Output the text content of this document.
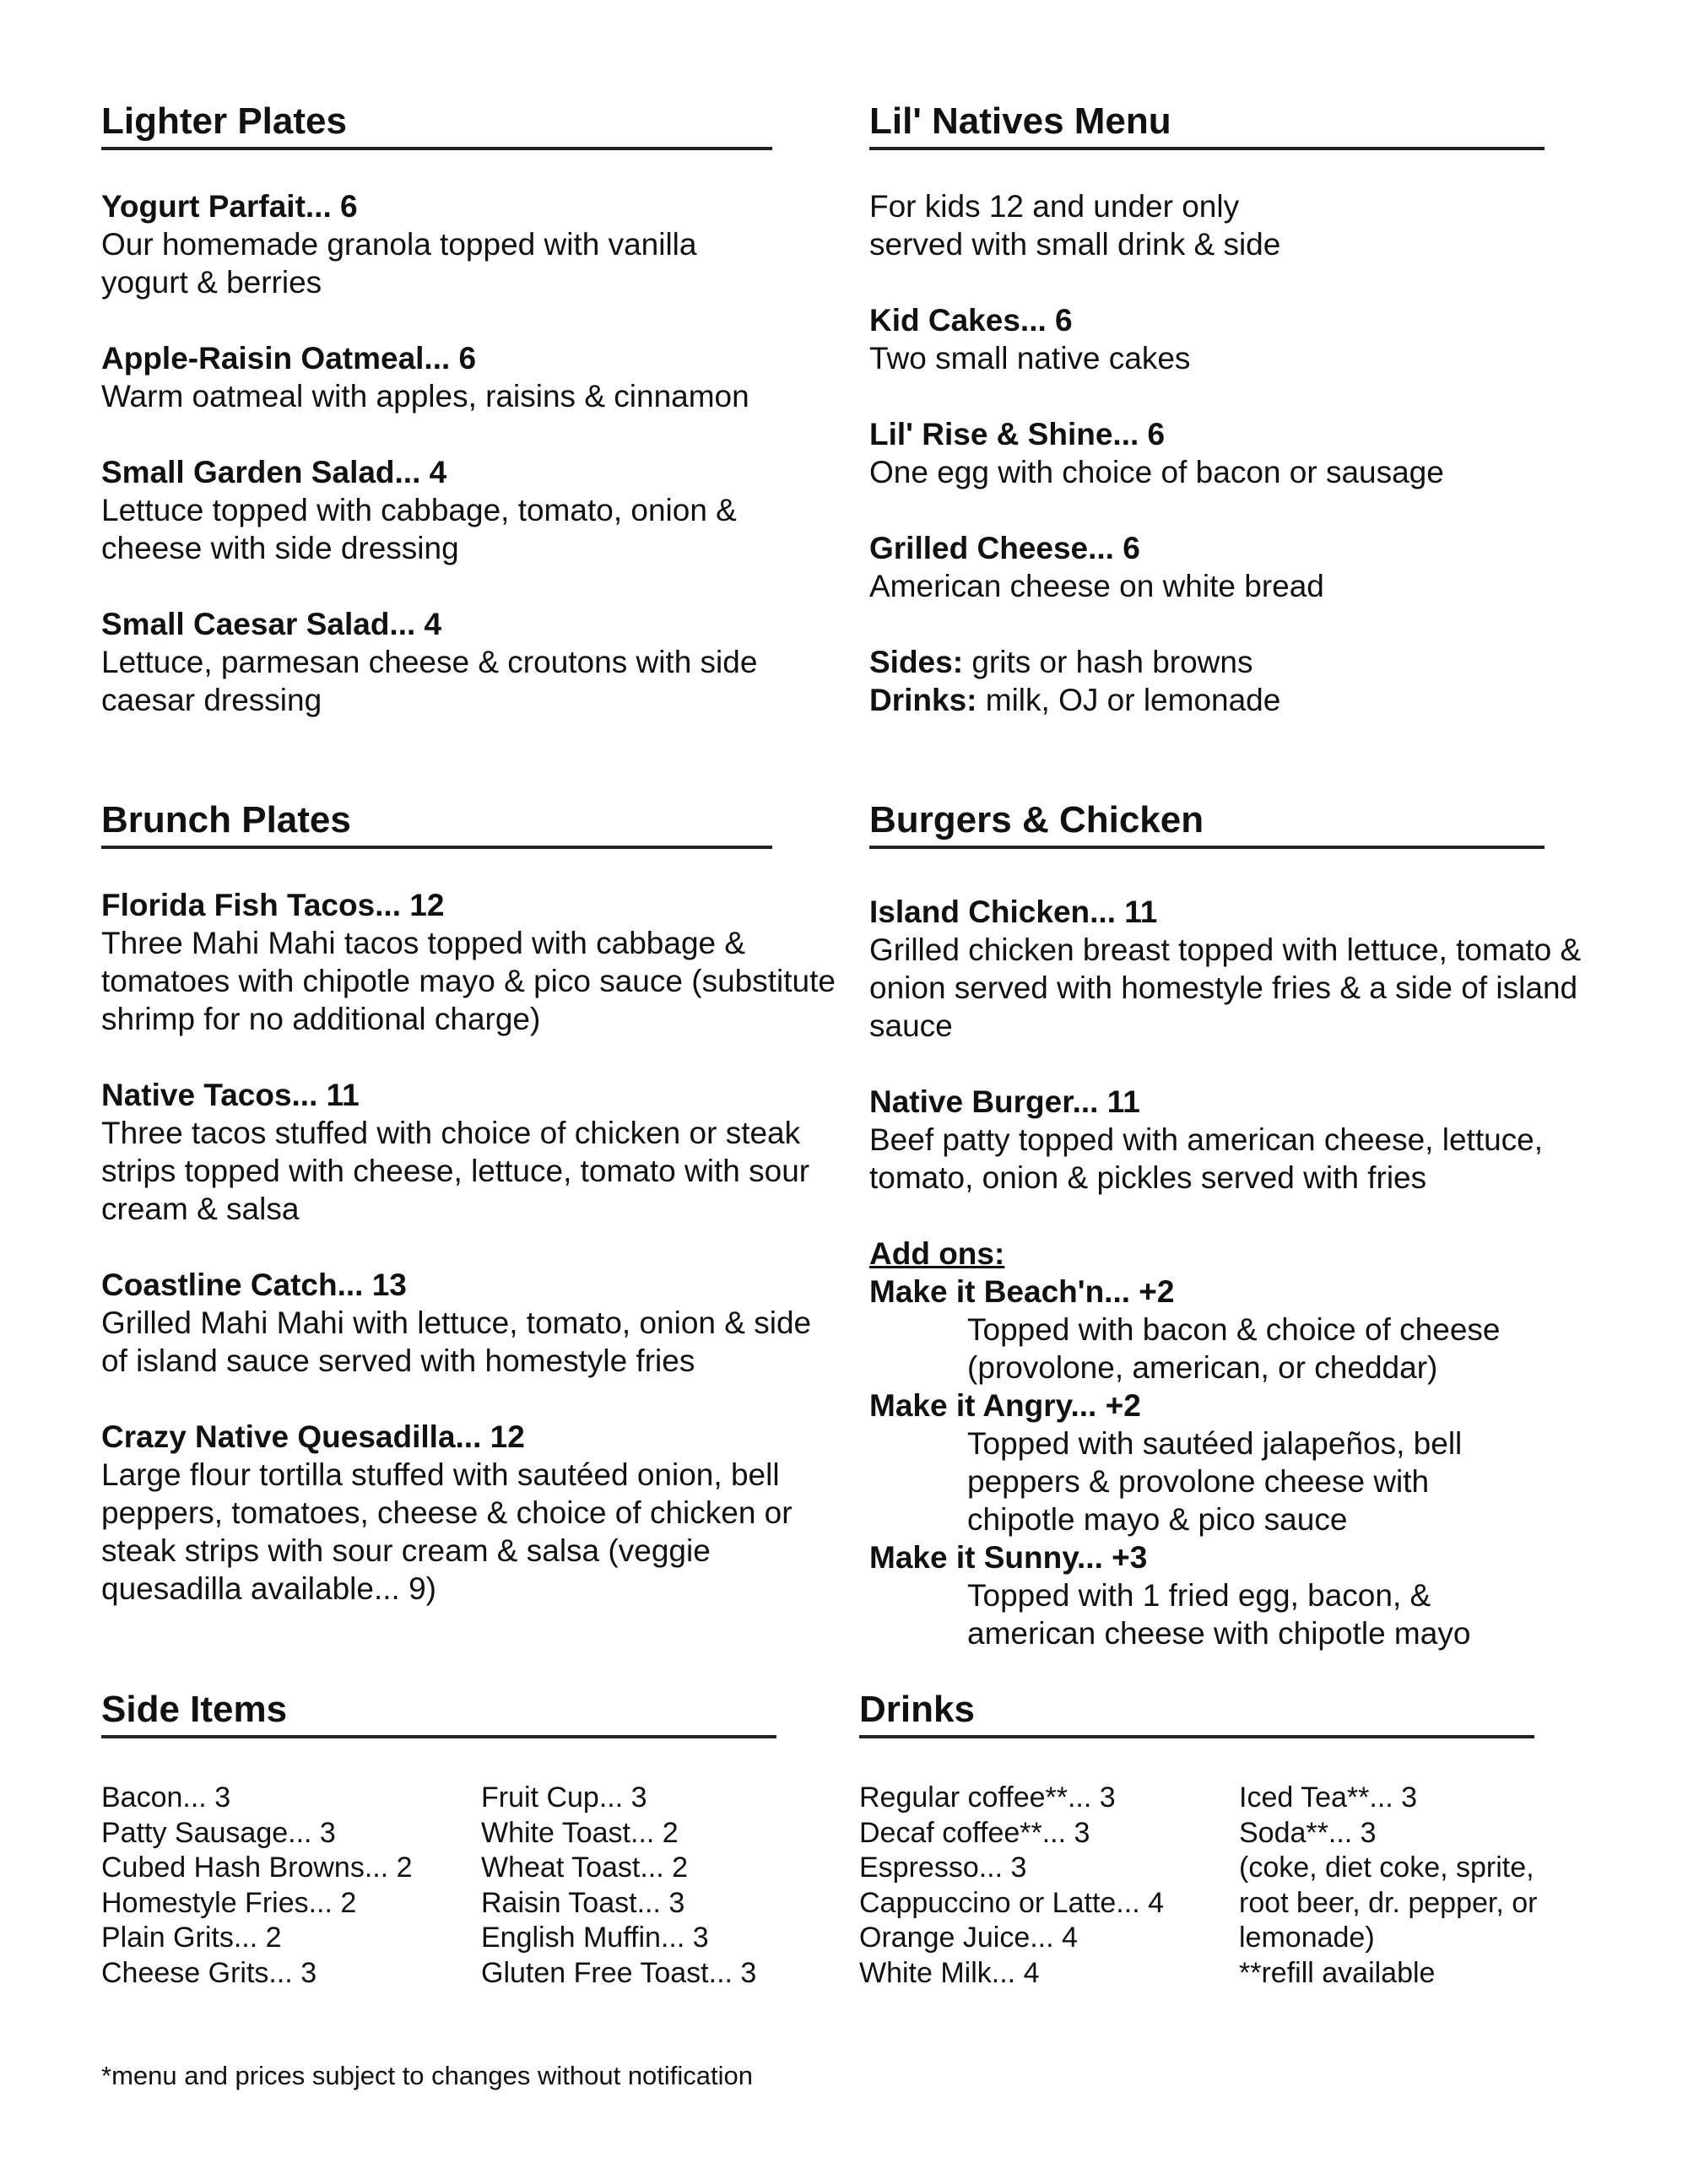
Lighter Plates
Yogurt Parfait... 6
Our homemade granola topped with vanilla yogurt & berries
Apple-Raisin Oatmeal... 6
Warm oatmeal with apples, raisins & cinnamon
Small Garden Salad... 4
Lettuce topped with cabbage, tomato, onion & cheese with side dressing
Small Caesar Salad... 4
Lettuce, parmesan cheese & croutons with side caesar dressing
Lil' Natives Menu
For kids 12 and under only
served with small drink & side
Kid Cakes... 6
Two small native cakes
Lil' Rise & Shine... 6
One egg with choice of bacon or sausage
Grilled Cheese... 6
American cheese on white bread
Sides: grits or hash browns
Drinks: milk, OJ or lemonade
Brunch Plates
Florida Fish Tacos... 12
Three Mahi Mahi tacos topped with cabbage & tomatoes with chipotle mayo & pico sauce (substitute shrimp for no additional charge)
Native Tacos... 11
Three tacos stuffed with choice of chicken or steak strips topped with cheese, lettuce, tomato with sour cream & salsa
Coastline Catch... 13
Grilled Mahi Mahi with lettuce, tomato, onion & side of island sauce served with homestyle fries
Crazy Native Quesadilla... 12
Large flour tortilla stuffed with sautéed onion, bell peppers, tomatoes, cheese & choice of chicken or steak strips with sour cream & salsa (veggie quesadilla available... 9)
Burgers & Chicken
Island Chicken... 11
Grilled chicken breast topped with lettuce, tomato & onion served with homestyle fries & a side of island sauce
Native Burger... 11
Beef patty topped with american cheese, lettuce, tomato, onion & pickles served with fries
Add ons:
Make it Beach'n... +2
Topped with bacon & choice of cheese (provolone, american, or cheddar)
Make it Angry... +2
Topped with sautéed jalapeños, bell peppers & provolone cheese with chipotle mayo & pico sauce
Make it Sunny... +3
Topped with 1 fried egg, bacon, & american cheese with chipotle mayo
Side Items
Bacon... 3
Patty Sausage... 3
Cubed Hash Browns... 2
Homestyle Fries... 2
Plain Grits... 2
Cheese Grits... 3
Fruit Cup... 3
White Toast... 2
Wheat Toast... 2
Raisin Toast... 3
English Muffin... 3
Gluten Free Toast... 3
Drinks
Regular coffee**... 3
Decaf coffee**... 3
Espresso... 3
Cappuccino or Latte... 4
Orange Juice... 4
White Milk... 4
Iced Tea**... 3
Soda**... 3
(coke, diet coke, sprite,
root beer, dr. pepper, or
lemonade)
**refill available
*menu and prices subject to changes without notification
